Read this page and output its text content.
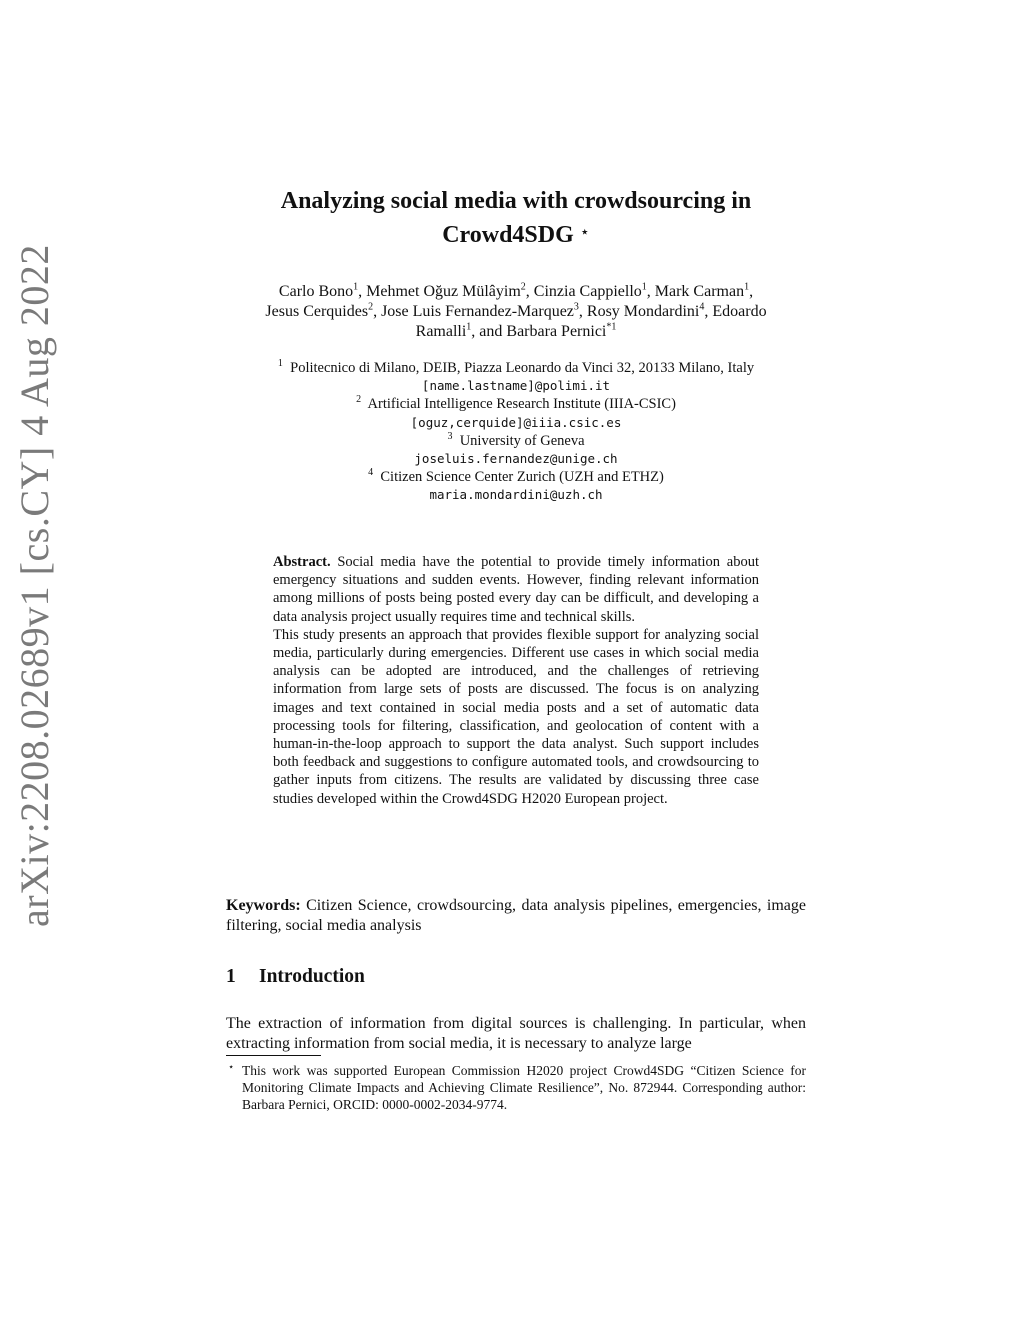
arXiv:2208.02689v1 [cs.CY] 4 Aug 2022
Analyzing social media with crowdsourcing in
Crowd4SDG ⋆
Carlo Bono$^1$, Mehmet Oğuz Mülâyim$^2$, Cinzia Cappiello$^1$, Mark Carman$^1$,
Jesus Cerquides$^2$, Jose Luis Fernandez-Marquez$^3$, Rosy Mondardini$^4$, Edoardo
Ramalli$^1$, and Barbara Pernici$^{*1}$
$^1$ Politecnico di Milano, DEIB, Piazza Leonardo da Vinci 32, 20133 Milano, Italy
[name.lastname]@polimi.it
$^2$ Artificial Intelligence Research Institute (IIIA-CSIC)
[oguz,cerquide]@iiia.csic.es
$^3$ University of Geneva
joseluis.fernandez@unige.ch
$^4$ Citizen Science Center Zurich (UZH and ETHZ)
maria.mondardini@uzh.ch

Abstract. Social media have the potential to provide timely information about emergency situations and sudden events. However, finding relevant information among millions of posts being posted every day can be difficult, and developing a data analysis project usually requires time and technical skills.

This study presents an approach that provides flexible support for analyzing social media, particularly during emergencies. Different use cases in which social media analysis can be adopted are introduced, and the challenges of retrieving information from large sets of posts are discussed. The focus is on analyzing images and text contained in social media posts and a set of automatic data processing tools for filtering, classification, and geolocation of content with a human-in-the-loop approach to support the data analyst. Such support includes both feedback and suggestions to configure automated tools, and crowdsourcing to gather inputs from citizens. The results are validated by discussing three case studies developed within the Crowd4SDG H2020 European project.

Keywords: Citizen Science, crowdsourcing, data analysis pipelines, emergencies, image filtering, social media analysis
1 Introduction
The extraction of information from digital sources is challenging. In particular, when extracting information from social media, it is necessary to analyze large
⋆ This work was supported European Commission H2020 project Crowd4SDG “Citizen Science for Monitoring Climate Impacts and Achieving Climate Resilience”, No. 872944. Corresponding author: Barbara Pernici, ORCID: 0000-0002-2034-9774.
